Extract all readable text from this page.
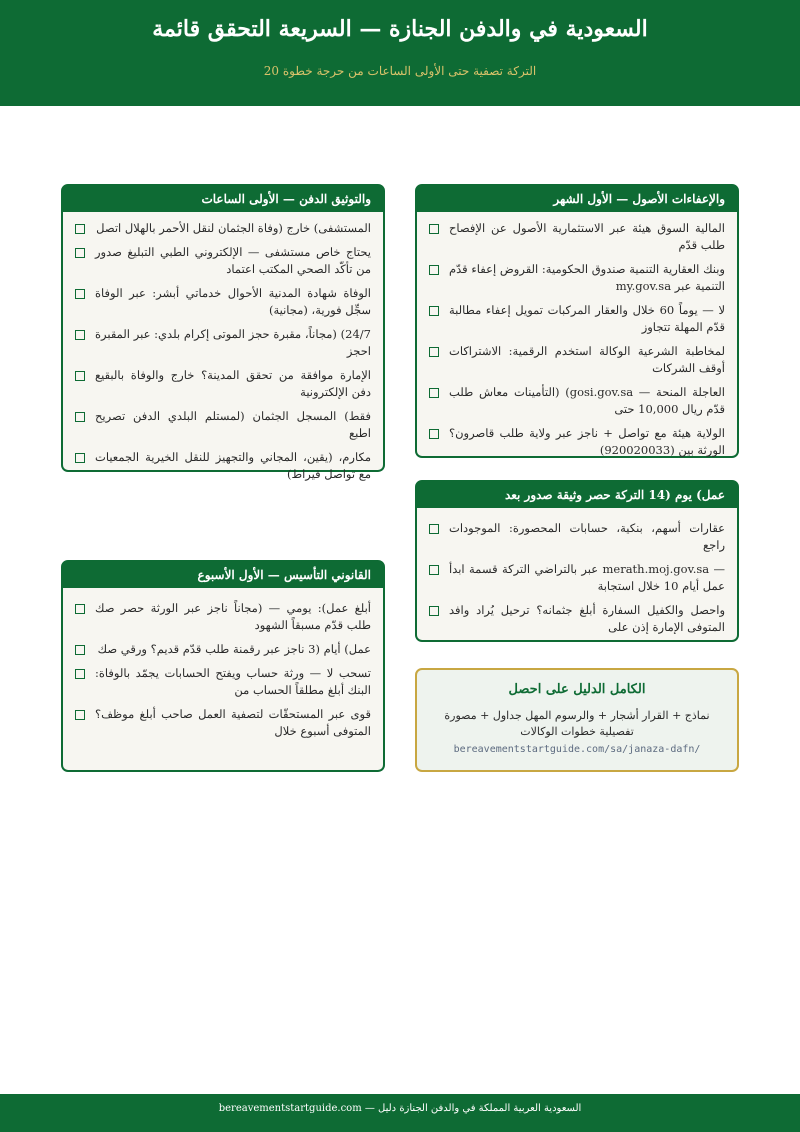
السعودية في والدفن الجنازة — السريعة التحقق قائمة
التركة تصفية حتى الأولى الساعات من حرجة خطوة 20
والتوثيق الدفن — الأولى الساعات
المستشفى) خارج (وفاة الجثمان لنقل الأحمر بالهلال اتصل
يحتاج خاص مستشفى — الإلكتروني الطبي التبليغ صدور من تأكّد الصحي المكتب اعتماد
الوفاة شهادة المدنية الأحوال خدماتي أبشر: عبر الوفاة سجِّل فورية، (مجانية)
24/7) (مجاناً، مقبرة حجز الموتى إكرام بلدي: عبر المقبرة احجز
الإمارة موافقة من تحقق المدينة؟ خارج والوفاة بالبقيع دفن الإلكترونية
فقط) المسجل الجثمان (لمستلم البلدي الدفن تصريح اطبع
مكارم، (يقين، المجاني والتجهيز للنقل الخيرية الجمعيات مع تواصل قيراط)
والإعفاءات الأصول — الأول الشهر
المالية السوق هيئة عبر الاستثمارية الأصول عن الإفصاح طلب قدّم
وبنك العقارية التنمية صندوق الحكومية: القروض إعفاء قدّم التنمية عبر my.gov.sa
لا — يوماً 60 خلال والعقار المركبات تمويل إعفاء مطالبة قدّم المهلة تتجاوز
لمخاطبة الشرعية الوكالة استخدم الرقمية: الاشتراكات أوقف الشركات
العاجلة المنحة — gosi.gov.sa) (التأمينات معاش طلب قدّم ريال 10,000 حتى
الولاية هيئة مع تواصل + ناجز عبر ولاية طلب قاصرون؟ الورثة بين (920020033)
عمل) يوم (14 التركة حصر وثيقة صدور بعد
عقارات أسهم، بنكية، حسابات المحصورة: الموجودات راجع
— merath.moj.gov.sa عبر بالتراضي التركة قسمة ابدأ عمل أيام 10 خلال استجابة
واحصل والكفيل السفارة أبلغ جثمانه؟ ترحيل يُراد وافد المتوفى الإمارة إذن على
القانوني التأسيس — الأول الأسبوع
أبلغ عمل): يومي — (مجاناً ناجز عبر الورثة حصر صك طلب قدّم مسبقاً الشهود
عمل) أيام (3 ناجز عبر رقمنة طلب قدّم قديم؟ ورقي صك
تسحب لا — ورثة حساب ويفتح الحسابات يجمّد بالوفاة: البنك أبلغ مطلقاً الحساب من
قوى عبر المستحقّات لتصفية العمل صاحب أبلغ موظف؟ المتوفى أسبوع خلال
الكامل الدليل على احصل
نماذج + القرار أشجار + والرسوم المهل جداول + مصورة تفصيلية خطوات الوكالات
bereavementstartguide.com/sa/janaza-dafn/
السعودية العربية المملكة في والدفن الجنازة دليل — bereavementstartguide.com
